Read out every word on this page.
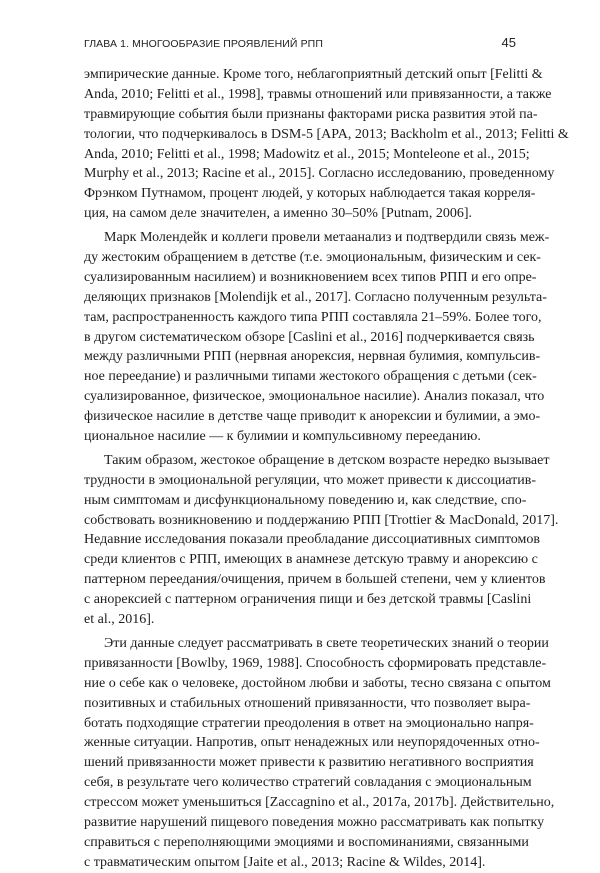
ГЛАВА 1. МНОГООБРАЗИЕ ПРОЯВЛЕНИЙ РПП	45
эмпирические данные. Кроме того, неблагоприятный детский опыт [Felitti &
Anda, 2010; Felitti et al., 1998], травмы отношений или привязанности, а также
травмирующие события были признаны факторами риска развития этой па-
тологии, что подчеркивалось в DSM-5 [APA, 2013; Backholm et al., 2013; Felitti &
Anda, 2010; Felitti et al., 1998; Madowitz et al., 2015; Monteleone et al., 2015;
Murphy et al., 2013; Racine et al., 2015]. Согласно исследованию, проведенному
Фрэнком Путнамом, процент людей, у которых наблюдается такая корреля-
ция, на самом деле значителен, а именно 30–50% [Putnam, 2006].
Марк Молендейк и коллеги провели метаанализ и подтвердили связь меж-
ду жестоким обращением в детстве (т.е. эмоциональным, физическим и сек-
суализированным насилием) и возникновением всех типов РПП и его опре-
деляющих признаков [Molendijk et al., 2017]. Согласно полученным результа-
там, распространенность каждого типа РПП составляла 21–59%. Более того,
в другом систематическом обзоре [Caslini et al., 2016] подчеркивается связь
между различными РПП (нервная анорексия, нервная булимия, компульсив-
ное переедание) и различными типами жестокого обращения с детьми (сек-
суализированное, физическое, эмоциональное насилие). Анализ показал, что
физическое насилие в детстве чаще приводит к анорексии и булимии, а эмо-
циональное насилие — к булимии и компульсивному перееданию.
Таким образом, жестокое обращение в детском возрасте нередко вызывает
трудности в эмоциональной регуляции, что может привести к диссоциатив-
ным симптомам и дисфункциональному поведению и, как следствие, спо-
собствовать возникновению и поддержанию РПП [Trottier & MacDonald, 2017].
Недавние исследования показали преобладание диссоциативных симптомов
среди клиентов с РПП, имеющих в анамнезе детскую травму и анорексию с
паттерном переедания/очищения, причем в большей степени, чем у клиентов
с анорексией с паттерном ограничения пищи и без детской травмы [Caslini
et al., 2016].
Эти данные следует рассматривать в свете теоретических знаний о теории
привязанности [Bowlby, 1969, 1988]. Способность сформировать представле-
ние о себе как о человеке, достойном любви и заботы, тесно связана с опытом
позитивных и стабильных отношений привязанности, что позволяет выра-
ботать подходящие стратегии преодоления в ответ на эмоционально напря-
женные ситуации. Напротив, опыт ненадежных или неупорядоченных отно-
шений привязанности может привести к развитию негативного восприятия
себя, в результате чего количество стратегий совладания с эмоциональным
стрессом может уменьшиться [Zaccagnino et al., 2017a, 2017b]. Действительно,
развитие нарушений пищевого поведения можно рассматривать как попытку
справиться с переполняющими эмоциями и воспоминаниями, связанными
с травматическим опытом [Jaite et al., 2013; Racine & Wildes, 2014].
